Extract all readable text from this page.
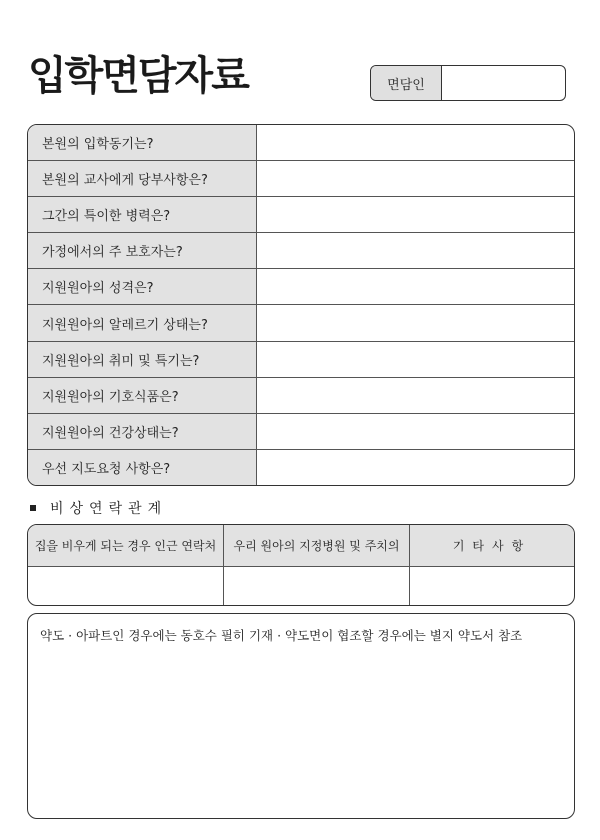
입학면담자료	면담인
본원의 입학동기는?
본원의 교사에게 당부사항은?
그간의 특이한 병력은?
가정에서의 주 보호자는?
지원원아의 성격은?
지원원아의 알레르기 상태는?
지원원아의 취미 및 특기는?
지원원아의 기호식품은?
지원원아의 건강상태는?
우선 지도요청 사항은?
비상연락관계
집을 비우게 되는 경우 인근 연락처	우리 원아의 지정병원 및 주치의	기타사항
약도 · 아파트인 경우에는 동호수 필히 기재 · 약도면이 협조할 경우에는 별지 약도서 참조
